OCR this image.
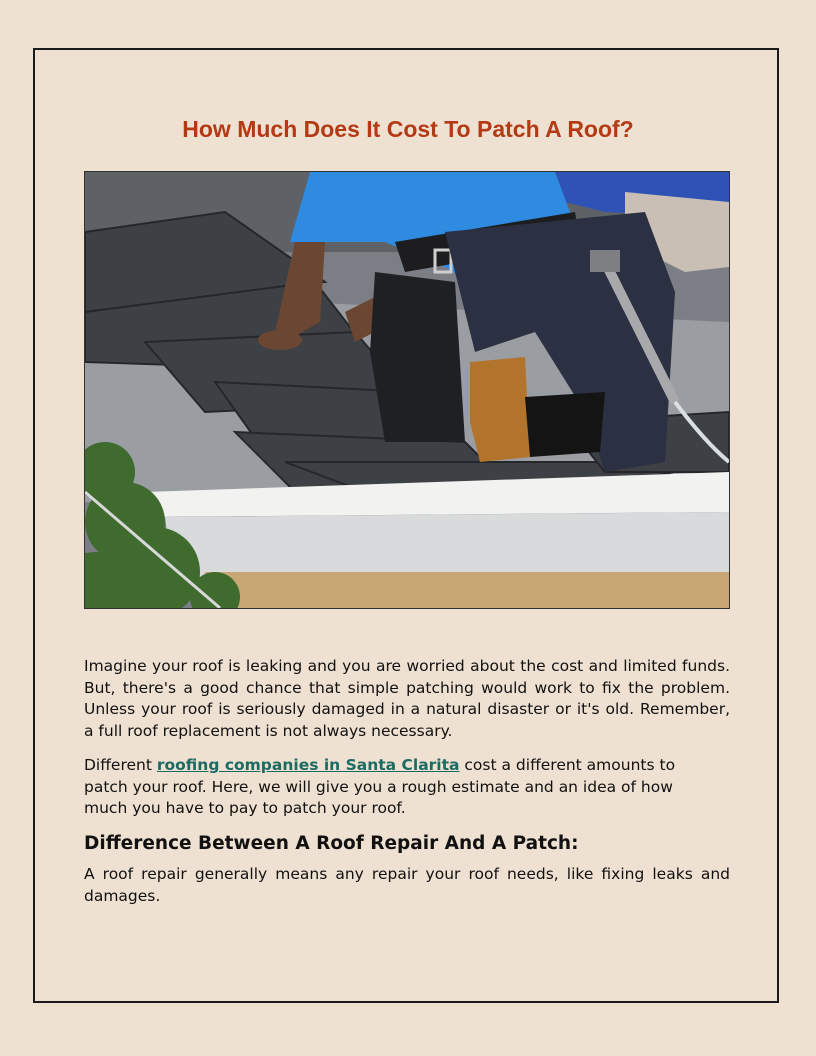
How Much Does It Cost To Patch A Roof?

Imagine your roof is leaking and you are worried about the cost and limited funds. But, there's a good chance that simple patching would work to fix the problem. Unless your roof is seriously damaged in a natural disaster or it's old. Remember, a full roof replacement is not always necessary.

Different roofing companies in Santa Clarita cost a different amounts to patch your roof. Here, we will give you a rough estimate and an idea of how much you have to pay to patch your roof.

Difference Between A Roof Repair And A Patch:

A roof repair generally means any repair your roof needs, like fixing leaks and damages.
